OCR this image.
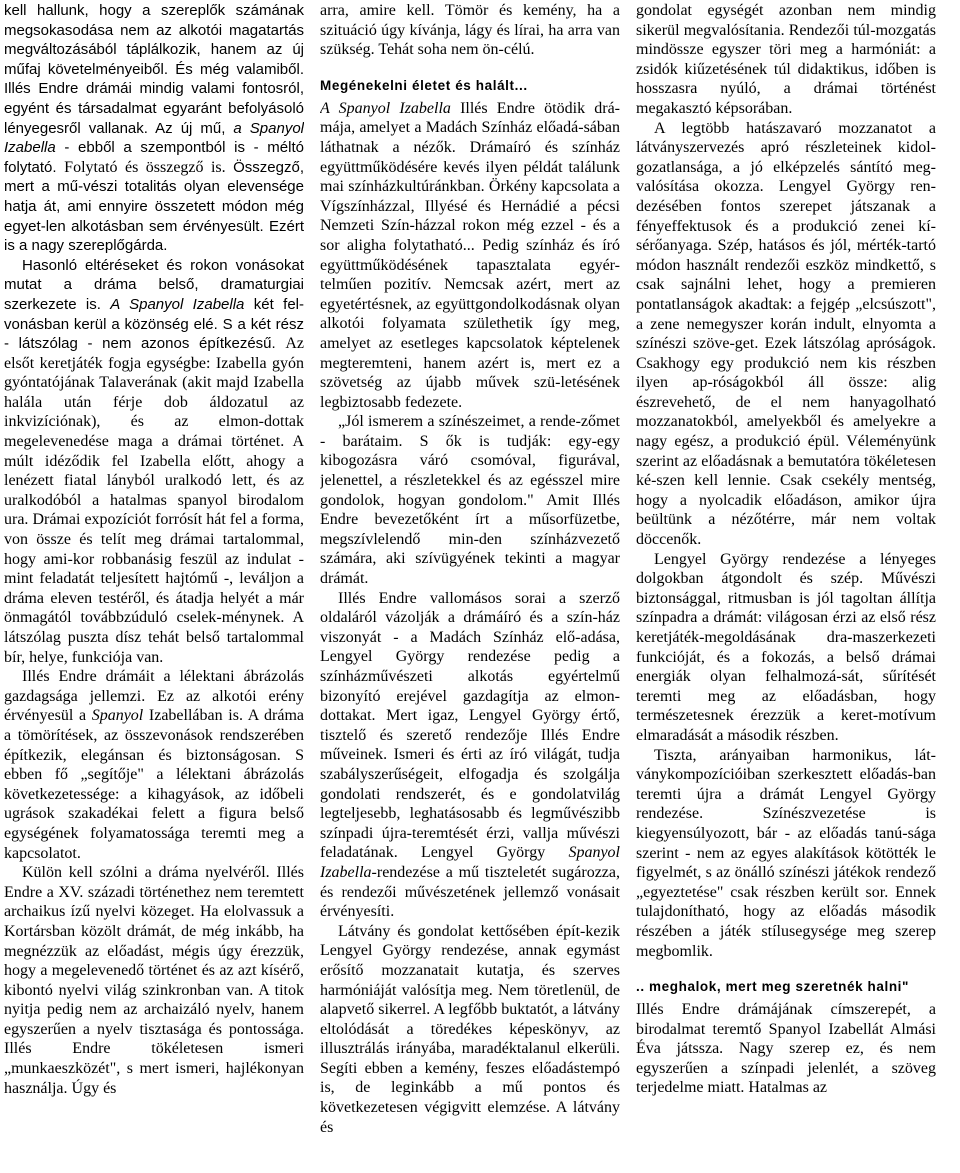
kell hallunk, hogy a szereplők számának megsokasodása nem az alkotói magatartás megváltozásából táplálkozik, hanem az új műfaj követelményeiből. És még valamiből. Illés Endre drámái mindig valami fontosról, egyént és társadalmat egyaránt befolyásoló lényegesről vallanak. Az új mű, a Spanyol Izabella - ebből a szempontból is - méltó folytató. Folytató és összegző is. Összegző, mert a mű-vészi totalitás olyan elevensége hatja át, ami ennyire összetett módon még egyet-len alkotásban sem érvényesült. Ezért is a nagy szereplőgárda.

Hasonló eltéréseket és rokon vonásokat mutat a dráma belső, dramaturgiai szerkezete is. A Spanyol Izabella két fel-vonásban kerül a közönség elé. S a két rész - látszólag - nem azonos építkezésű. Az elsőt keretjáték fogja egységbe: Izabella gyón gyóntatójának Talaverának (akit majd Izabella halála után férje dob áldozatul az inkvizíciónak), és az elmon-dottak megelevenedése maga a drámai történet. A múlt idéződik fel Izabella előtt, ahogy a lenézett fiatal lányból uralkodó lett, és az uralkodóból a hatalmas spanyol birodalom ura. Drámai expozíciót forrósít hát fel a forma, von össze és telít meg drámai tartalommal, hogy ami-kor robbanásig feszül az indulat - mint feladatát teljesített hajtómű -, leváljon a dráma eleven testéről, és átadja helyét a már önmagától továbbzúduló cselek-ménynek. A látszólag puszta dísz tehát belső tartalommal bír, helye, funkciója van.

Illés Endre drámáit a lélektani ábrázolás gazdagsága jellemzi. Ez az alkotói erény érvényesül a Spanyol Izabellában is. A dráma a tömörítések, az összevonások rendszerében építkezik, elegánsan és biztonságosan. S ebben fő „segítője" a lélektani ábrázolás következetessége: a kihagyások, az időbeli ugrások szakadékai felett a figura belső egységének folyamatossága teremti meg a kapcsolatot.

Külön kell szólni a dráma nyelvéről. Illés Endre a XV. századi történethez nem teremtett archaikus ízű nyelvi közeget. Ha elolvassuk a Kortársban közölt drámát, de még inkább, ha megnézzük az előadást, mégis úgy érezzük, hogy a megelevenedő történet és az azt kísérő, kibontó nyelvi világ szinkronban van. A titok nyitja pedig nem az archaizáló nyelv, hanem egyszerűen a nyelv tisztasága és pontossága. Illés Endre tökéletesen ismeri „munkaeszközét", s mert ismeri, hajlékonyan használja. Úgy és

arra, amire kell. Tömör és kemény, ha a szituáció úgy kívánja, lágy és lírai, ha arra van szükség. Tehát soha nem ön-célú.

Megénekelni életet és halált...

A Spanyol Izabella Illés Endre ötödik drá-mája, amelyet a Madách Színház előadá-sában láthatnak a nézők. Drámaíró és színház együttműködésére kevés ilyen példát találunk mai színházkultúránkban. Örkény kapcsolata a Vígszínházzal, Illyésé és Hernádié a pécsi Nemzeti Szín-házzal rokon még ezzel - és a sor aligha folytatható... Pedig színház és író együttműködésének tapasztalata egyér-telműen pozitív. Nemcsak azért, mert az egyetértésnek, az együttgondolkodásnak olyan alkotói folyamata születhetik így meg, amelyet az esetleges kapcsolatok képtelenek megteremteni, hanem azért is, mert ez a szövetség az újabb művek szü-letésének legbiztosabb fedezete.

„Jól ismerem a színészeimet, a rende-zőmet - barátaim. S ők is tudják: egy-egy kibogozásra váró csomóval, figurával, jelenettel, a részletekkel és az egésszel mire gondolok, hogyan gondolom." Amit Illés Endre bevezetőként írt a műsorfüzetbe, megszívlelendő min-den színházvezető számára, aki szívügyének tekinti a magyar drámát.

Illés Endre vallomásos sorai a szerző oldaláról vázolják a drámáíró és a szín-ház viszonyát - a Madách Színház elő-adása, Lengyel György rendezése pedig a színházművészeti alkotás egyértelmű bizonyító erejével gazdagítja az elmon-dottakat. Mert igaz, Lengyel György értő, tisztelő és szerető rendezője Illés Endre műveinek. Ismeri és érti az író világát, tudja szabályszerűségeit, elfogadja és szolgálja gondolati rendszerét, és e gondolatvilág legteljesebb, leghatásosabb és legművészibb színpadi újra-teremtését érzi, vallja művészi feladatának. Lengyel György Spanyol Izabella-rendezése a mű tiszteletét sugározza, és rendezői művészetének jellemző vonásait érvényesíti.

Látvány és gondolat kettősében épít-kezik Lengyel György rendezése, annak egymást erősítő mozzanatait kutatja, és szerves harmóniáját valósítja meg. Nem töretlenül, de alapvető sikerrel. A legfőbb buktatót, a látvány eltolódását a töredékes képeskönyv, az illusztrálás irányába, maradéktalanul elkerüli. Segíti ebben a kemény, feszes előadástempó is, de leginkább a mű pontos és következetesen végigvitt elemzése. A látvány és

gondolat egységét azonban nem mindig sikerül megvalósítania. Rendezői túl-mozgatás mindössze egyszer töri meg a harmóniát: a zsidók kiűzetésének túl didaktikus, időben is hosszasra nyúló, a drámai történést megakasztó képsorában.

A legtöbb hatászavaró mozzanatot a látványszervezés apró részleteinek kidol-gozatlansága, a jó elképzelés sántító meg-valósítása okozza. Lengyel György ren-dezésében fontos szerepet játszanak a fényeffektusok és a produkció zenei kí-sérőanyaga. Szép, hatásos és jól, mérték-tartó módon használt rendezői eszköz mindkettő, s csak sajnálni lehet, hogy a premieren pontatlanságok akadtak: a fejgép „elcsúszott", a zene nemegyszer korán indult, elnyomta a színészi szöve-get. Ezek látszólag apróságok. Csakhogy egy produkció nem kis részben ilyen ap-róságokból áll össze: alig észrevehető, de el nem hanyagolható mozzanatokból, amelyekből és amelyekre a nagy egész, a produkció épül. Véleményünk szerint az előadásnak a bemutatóra tökéletesen ké-szen kell lennie. Csak csekély mentség, hogy a nyolcadik előadáson, amikor újra beültünk a nézőtérre, már nem voltak döccenők.

Lengyel György rendezése a lényeges dolgokban átgondolt és szép. Művészi biztonsággal, ritmusban is jól tagoltan állítja színpadra a drámát: világosan érzi az első rész keretjáték-megoldásának dra-maszerkezeti funkcióját, és a fokozás, a belső drámai energiák olyan felhalmozá-sát, sűrítését teremti meg az előadásban, hogy természetesnek érezzük a keret-motívum elmaradását a második részben.

Tiszta, arányaiban harmonikus, lát-ványkompozícióiban szerkesztett előadás-ban teremti újra a drámát Lengyel György rendezése. Színészvezetése is kiegyensúlyozott, bár - az előadás tanú-sága szerint - nem az egyes alakítások kötötték le figyelmét, s az önálló színészi játékok rendező „egyeztetése" csak részben került sor. Ennek tulajdonítható, hogy az előadás második részében a játék stílusegysége meg szerep megbomlik.

.. meghalok, mert meg szeretnék halni"

Illés Endre drámájának címszerepét, a birodalmat teremtő Spanyol Izabellát Almási Éva játssza. Nagy szerep ez, és nem egyszerűen a színpadi jelenlét, a szöveg terjedelme miatt. Hatalmas az
